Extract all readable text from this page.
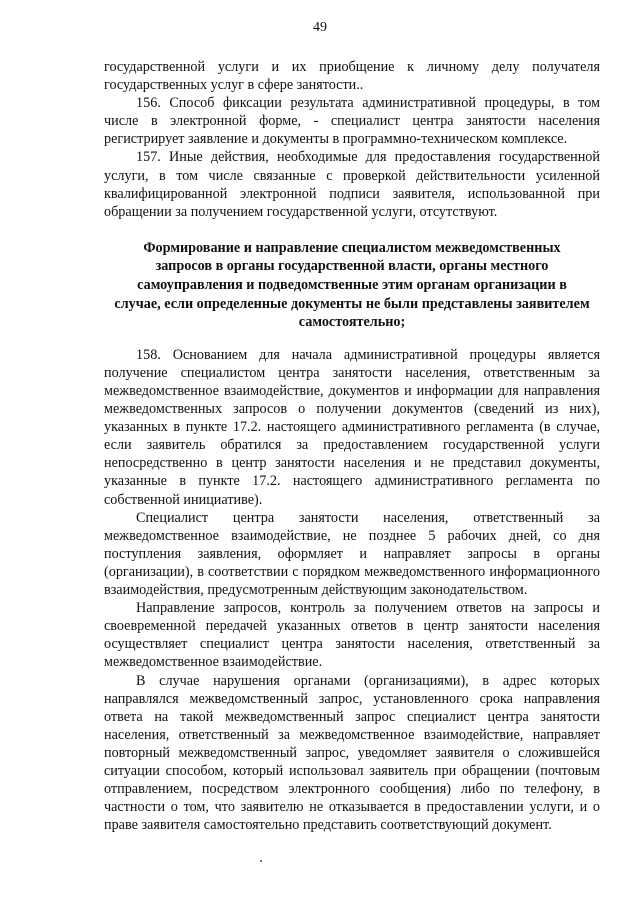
49

государственной услуги и их приобщение к личному делу получателя государственных услуг в сфере занятости..

156. Способ фиксации результата административной процедуры, в том числе в электронной форме, - специалист центра занятости населения регистрирует заявление и документы в программно-техническом комплексе.

157. Иные действия, необходимые для предоставления государственной услуги, в том числе связанные с проверкой действительности усиленной квалифицированной электронной подписи заявителя, использованной при обращении за получением государственной услуги, отсутствуют.

Формирование и направление специалистом межведомственных запросов в органы государственной власти, органы местного самоуправления и подведомственные этим органам организации в случае, если определенные документы не были представлены заявителем самостоятельно;

158. Основанием для начала административной процедуры является получение специалистом центра занятости населения, ответственным за межведомственное взаимодействие, документов и информации для направления межведомственных запросов о получении документов (сведений из них), указанных в пункте 17.2. настоящего административного регламента (в случае, если заявитель обратился за предоставлением государственной услуги непосредственно в центр занятости населения и не представил документы, указанные в пункте 17.2. настоящего административного регламента по собственной инициативе).

Специалист центра занятости населения, ответственный за межведомственное взаимодействие, не позднее 5 рабочих дней, со дня поступления заявления, оформляет и направляет запросы в органы (организации), в соответствии с порядком межведомственного информационного взаимодействия, предусмотренным действующим законодательством.

Направление запросов, контроль за получением ответов на запросы и своевременной передачей указанных ответов в центр занятости населения осуществляет специалист центра занятости населения, ответственный за межведомственное взаимодействие.

В случае нарушения органами (организациями), в адрес которых направлялся межведомственный запрос, установленного срока направления ответа на такой межведомственный запрос специалист центра занятости населения, ответственный за межведомственное взаимодействие, направляет повторный межведомственный запрос, уведомляет заявителя о сложившейся ситуации способом, который использовал заявитель при обращении (почтовым отправлением, посредством электронного сообщения) либо по телефону, в частности о том, что заявителю не отказывается в предоставлении услуги, и о праве заявителя самостоятельно представить соответствующий документ.
